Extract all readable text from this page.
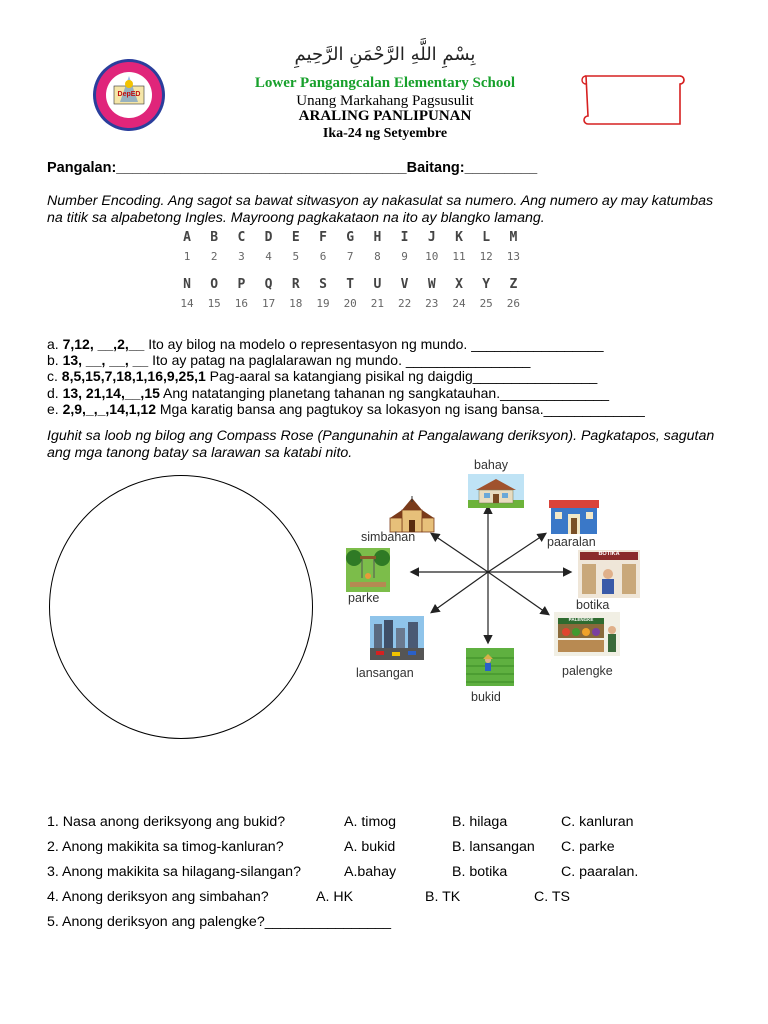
DepED
بِسْمِ اللَّهِ الرَّحْمَنِ الرَّحِيمِ
Lower Pangangcalan Elementary School
Unang Markahang Pagsusulit
ARALING PANLIPUNAN
Ika-24 ng Setyembre
Pangalan:____________________________________Baitang:_________
Number Encoding. Ang sagot sa bawat sitwasyon ay nakasulat sa numero. Ang numero ay may katumbas na titik sa alpabetong Ingles. Mayroong pagkakataon na ito ay blangko lamang.
A	B	C	D	E	F	G	H	I	J	K	L	M
1	2	3	4	5	6	7	8	9	10	11	12	13
N	O	P	Q	R	S	T	U	V	W	X	Y	Z
14	15	16	17	18	19	20	21	22	23	24	25	26
a. 7,12, __,2,__ Ito ay bilog na modelo o representasyon ng mundo. _________________
b. 13, __, __, __ Ito ay patag na paglalarawan ng mundo. ________________
c. 8,5,15,7,18,1,16,9,25,1 Pag-aaral sa katangiang pisikal ng daigdig________________
d. 13, 21,14,__,15 Ang natatanging planetang tahanan ng sangkatauhan.______________
e. 2,9,_,_,14,1,12 Mga karatig bansa ang pagtukoy sa lokasyon ng isang bansa._____________
Iguhit sa loob ng bilog ang Compass Rose (Pangunahin at Pangalawang deriksyon). Pagkatapos, sagutan ang mga tanong batay sa larawan sa katabi nito.
bahay
simbahan	paaralan
parke
BOTIKA
botika
lansangan
PALENGKE
palengke
bukid
1. Nasa anong deriksyong ang bukid?	A. timog	B. hilaga	C. kanluran
2. Anong makikita sa timog-kanluran?	A. bukid	B. lansangan C. parke
3. Anong makikita sa hilagang-silangan?	A.bahay	B. botika	C. paaralan.
4. Anong deriksyon ang simbahan?	A. HK	B. TK	C. TS
5. Anong deriksyon ang palengke?________________
